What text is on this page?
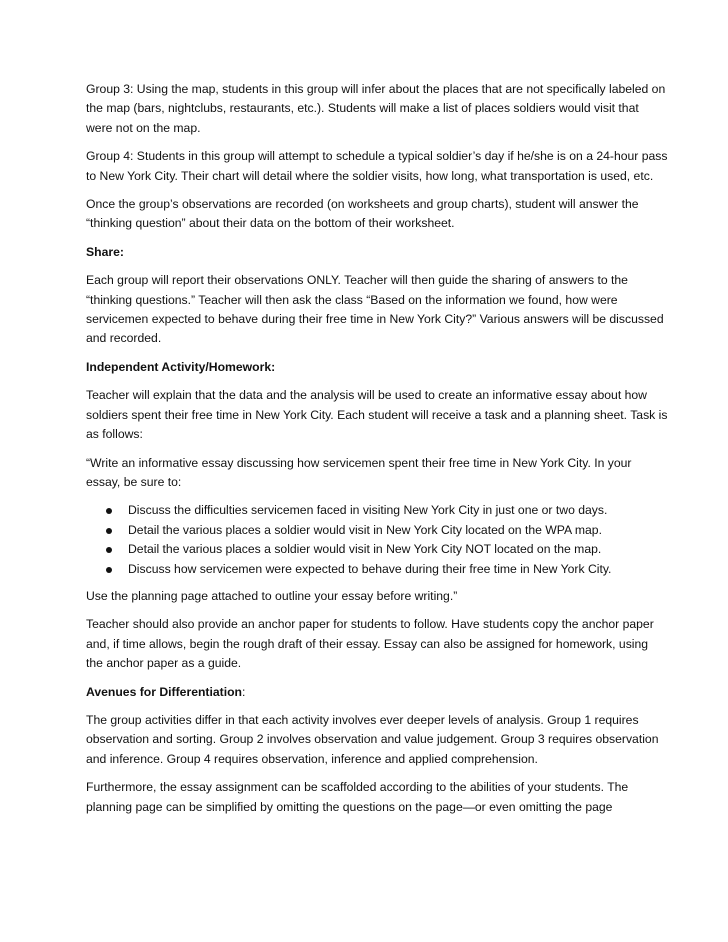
Group 3: Using the map, students in this group will infer about the places that are not specifically labeled on the map (bars, nightclubs, restaurants, etc.). Students will make a list of places soldiers would visit that were not on the map.

Group 4: Students in this group will attempt to schedule a typical soldier’s day if he/she is on a 24-hour pass to New York City. Their chart will detail where the soldier visits, how long, what transportation is used, etc.

Once the group’s observations are recorded (on worksheets and group charts), student will answer the “thinking question” about their data on the bottom of their worksheet.

Share:

Each group will report their observations ONLY. Teacher will then guide the sharing of answers to the “thinking questions.” Teacher will then ask the class “Based on the information we found, how were servicemen expected to behave during their free time in New York City?” Various answers will be discussed and recorded.

Independent Activity/Homework:

Teacher will explain that the data and the analysis will be used to create an informative essay about how soldiers spent their free time in New York City. Each student will receive a task and a planning sheet. Task is as follows:

“Write an informative essay discussing how servicemen spent their free time in New York City. In your essay, be sure to:

Discuss the difficulties servicemen faced in visiting New York City in just one or two days.
Detail the various places a soldier would visit in New York City located on the WPA map.
Detail the various places a soldier would visit in New York City NOT located on the map.
Discuss how servicemen were expected to behave during their free time in New York City.

Use the planning page attached to outline your essay before writing.”

Teacher should also provide an anchor paper for students to follow. Have students copy the anchor paper and, if time allows, begin the rough draft of their essay. Essay can also be assigned for homework, using the anchor paper as a guide.

Avenues for Differentiation:

The group activities differ in that each activity involves ever deeper levels of analysis. Group 1 requires observation and sorting. Group 2 involves observation and value judgement. Group 3 requires observation and inference. Group 4 requires observation, inference and applied comprehension.

Furthermore, the essay assignment can be scaffolded according to the abilities of your students. The planning page can be simplified by omitting the questions on the page—or even omitting the page
